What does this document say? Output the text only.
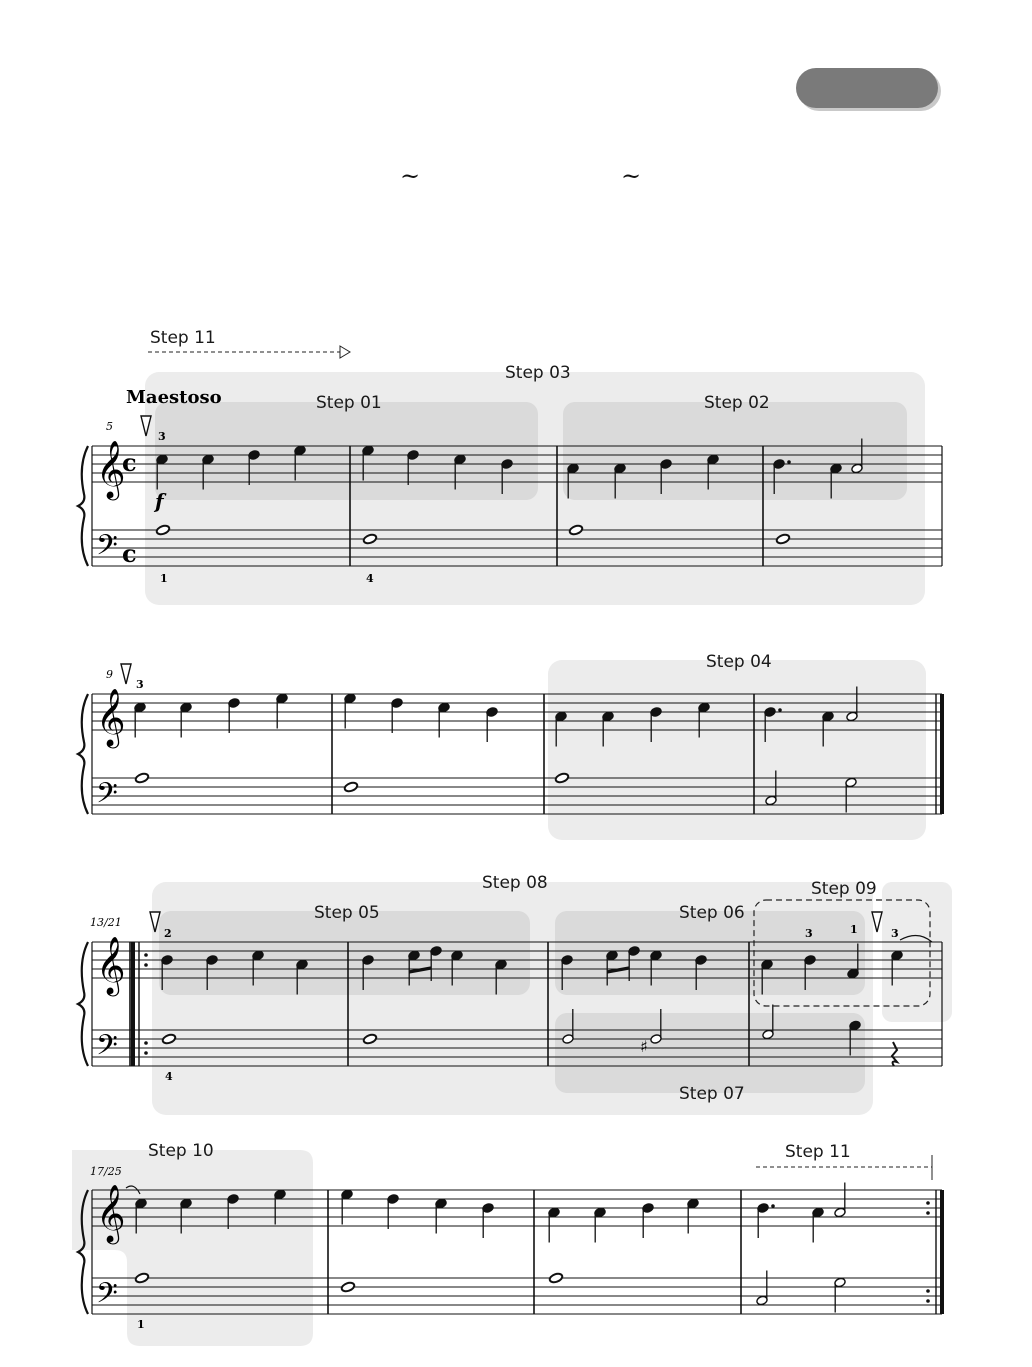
~	~
Step 11
Step 03
Step 01	Step 02
Step 04
Step 08	Step 09
Step 05	Step 06
Step 07
Step 10	Step 11
Maestoso
f
5
9
13/21
17/25
c
c
3
1	4
3
2
4
3	1	3
1
𝄞
𝄢
𝄞
𝄢
𝄞
𝄢
𝄞
𝄢
♯
